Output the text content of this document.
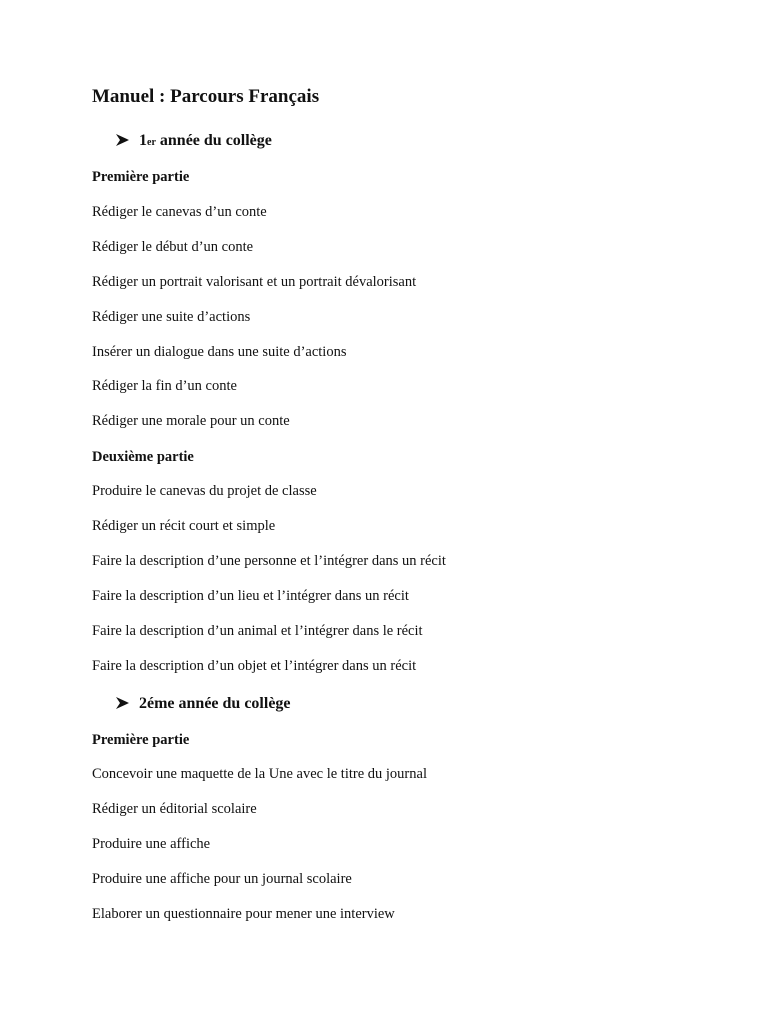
Manuel : Parcours Français
1 er année du collège

Première partie

Rédiger le canevas d’un conte

Rédiger le début d’un conte

Rédiger un portrait valorisant et un portrait dévalorisant

Rédiger une suite d’actions

Insérer un dialogue dans une suite d’actions

Rédiger la fin d’un conte

Rédiger une morale pour un conte

Deuxième partie

Produire le canevas du projet de classe

Rédiger un récit court et simple

Faire la description d’une personne et l’intégrer dans un récit

Faire la description d’un lieu et l’intégrer dans un récit

Faire la description d’un animal et l’intégrer dans le récit

Faire la description d’un objet et l’intégrer dans un récit

2éme année du collège

Première partie

Concevoir une maquette de la Une avec le titre du journal

Rédiger un éditorial scolaire

Produire une affiche

Produire une affiche pour un journal scolaire

Elaborer un questionnaire pour mener une interview
